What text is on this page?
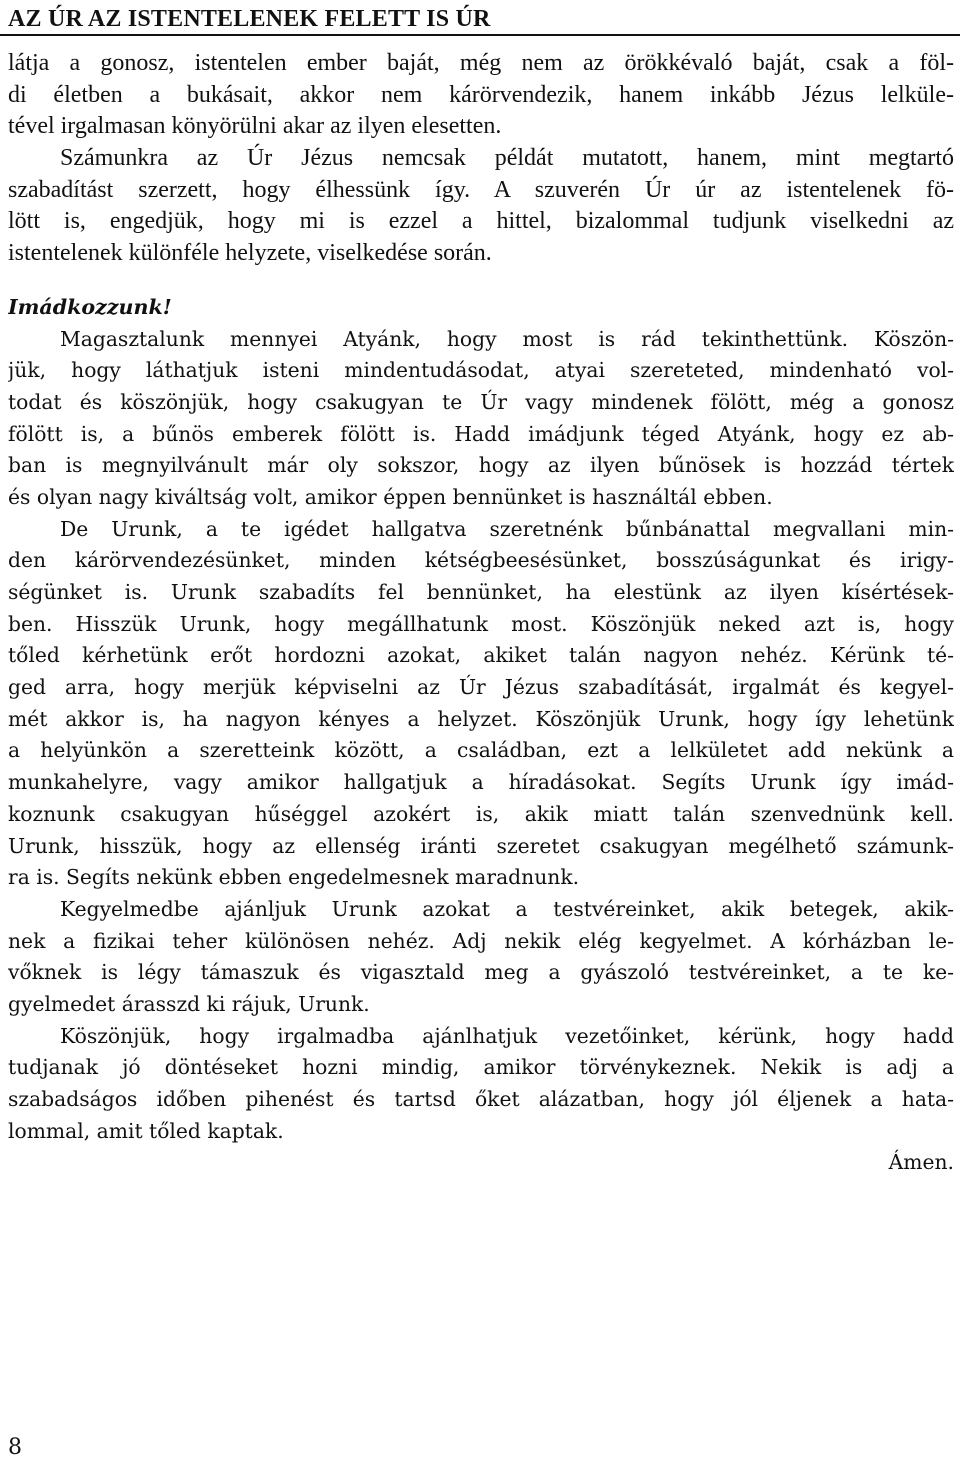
AZ ÚR AZ ISTENTELENEK FELETT IS ÚR
látja a gonosz, istentelen ember baját, még nem az örökkévaló baját, csak a föl-
di életben a bukásait, akkor nem kárörvendezik, hanem inkább Jézus lelküle-
tével irgalmasan könyörülni akar az ilyen elesetten.
Számunkra az Úr Jézus nemcsak példát mutatott, hanem, mint megtartó
szabadítást szerzett, hogy élhessünk így. A szuverén Úr úr az istentelenek fö-
lött is, engedjük, hogy mi is ezzel a hittel, bizalommal tudjunk viselkedni az
istentelenek különféle helyzete, viselkedése során.
Imádkozzunk!
Magasztalunk mennyei Atyánk, hogy most is rád tekinthettünk. Köszön-
jük, hogy láthatjuk isteni mindentudásodat, atyai szereteted, mindenható vol-
todat és köszönjük, hogy csakugyan te Úr vagy mindenek fölött, még a gonosz
fölött is, a bűnös emberek fölött is. Hadd imádjunk téged Atyánk, hogy ez ab-
ban is megnyilvánult már oly sokszor, hogy az ilyen bűnösek is hozzád tértek
és olyan nagy kiváltság volt, amikor éppen bennünket is használtál ebben.
De Urunk, a te igédet hallgatva szeretnénk bűnbánattal megvallani min-
den kárörvendezésünket, minden kétségbeesésünket, bosszúságunkat és irigy-
ségünket is. Urunk szabadíts fel bennünket, ha elestünk az ilyen kísértések-
ben. Hisszük Urunk, hogy megállhatunk most. Köszönjük neked azt is, hogy
tőled kérhetünk erőt hordozni azokat, akiket talán nagyon nehéz. Kérünk té-
ged arra, hogy merjük képviselni az Úr Jézus szabadítását, irgalmát és kegyel-
mét akkor is, ha nagyon kényes a helyzet. Köszönjük Urunk, hogy így lehetünk
a helyünkön a szeretteink között, a családban, ezt a lelkületet add nekünk a
munkahelyre, vagy amikor hallgatjuk a híradásokat. Segíts Urunk így imád-
koznunk csakugyan hűséggel azokért is, akik miatt talán szenvednünk kell.
Urunk, hisszük, hogy az ellenség iránti szeretet csakugyan megélhető számunk-
ra is. Segíts nekünk ebben engedelmesnek maradnunk.
Kegyelmedbe ajánljuk Urunk azokat a testvéreinket, akik betegek, akik-
nek a fizikai teher különösen nehéz. Adj nekik elég kegyelmet. A kórházban le-
vőknek is légy támaszuk és vigasztald meg a gyászoló testvéreinket, a te ke-
gyelmedet árasszd ki rájuk, Urunk.
Köszönjük, hogy irgalmadba ajánlhatjuk vezetőinket, kérünk, hogy hadd
tudjanak jó döntéseket hozni mindig, amikor törvénykeznek. Nekik is adj a
szabadságos időben pihenést és tartsd őket alázatban, hogy jól éljenek a hata-
lommal, amit tőled kaptak.
Ámen.
8
